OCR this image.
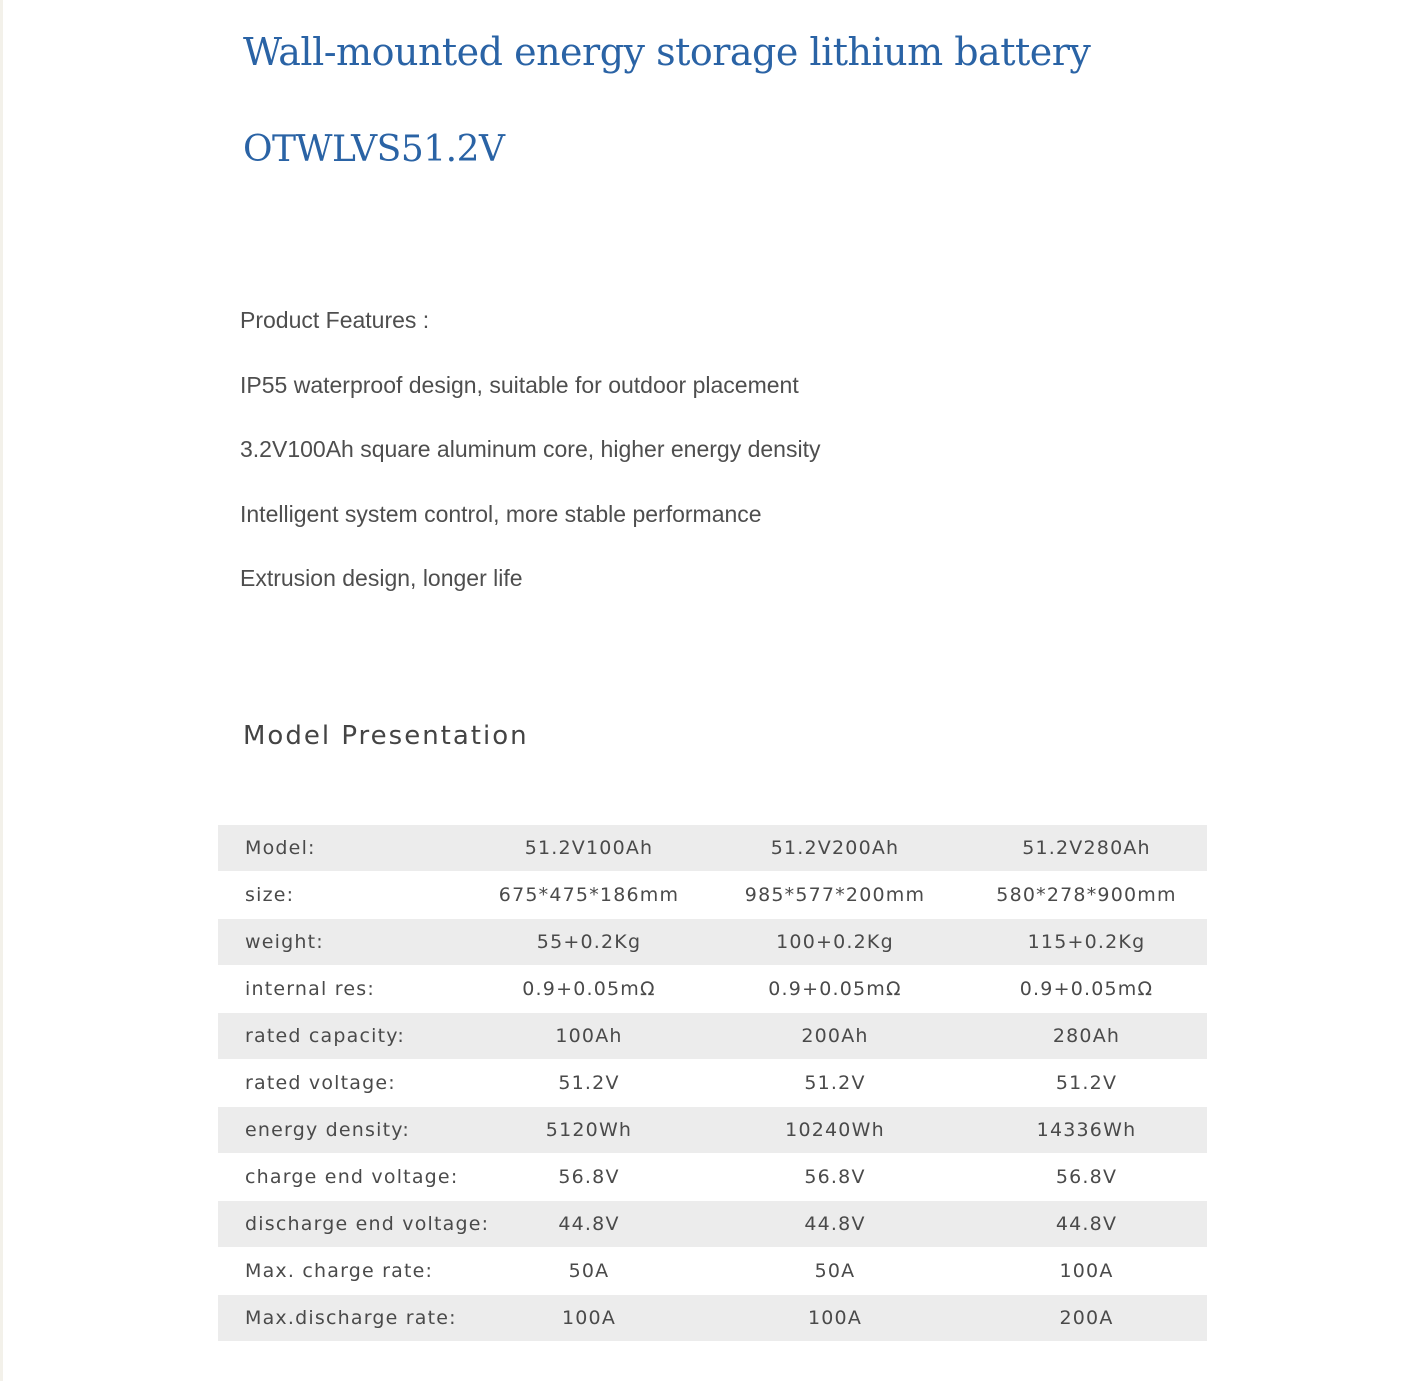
Wall-mounted energy storage lithium battery
OTWLVS51.2V
Product Features :
IP55 waterproof design, suitable for outdoor placement
3.2V100Ah square aluminum core, higher energy density
Intelligent system control, more stable performance
Extrusion design, longer life
Model Presentation
Model:	51.2V100Ah	51.2V200Ah	51.2V280Ah
size:	675*475*186mm	985*577*200mm	580*278*900mm
weight:	55+0.2Kg	100+0.2Kg	115+0.2Kg
internal res:	0.9+0.05mΩ	0.9+0.05mΩ	0.9+0.05mΩ
rated capacity:	100Ah	200Ah	280Ah
rated voltage:	51.2V	51.2V	51.2V
energy density:	5120Wh	10240Wh	14336Wh
charge end voltage:	56.8V	56.8V	56.8V
discharge end voltage:	44.8V	44.8V	44.8V
Max. charge rate:	50A	50A	100A
Max.discharge rate:	100A	100A	200A
